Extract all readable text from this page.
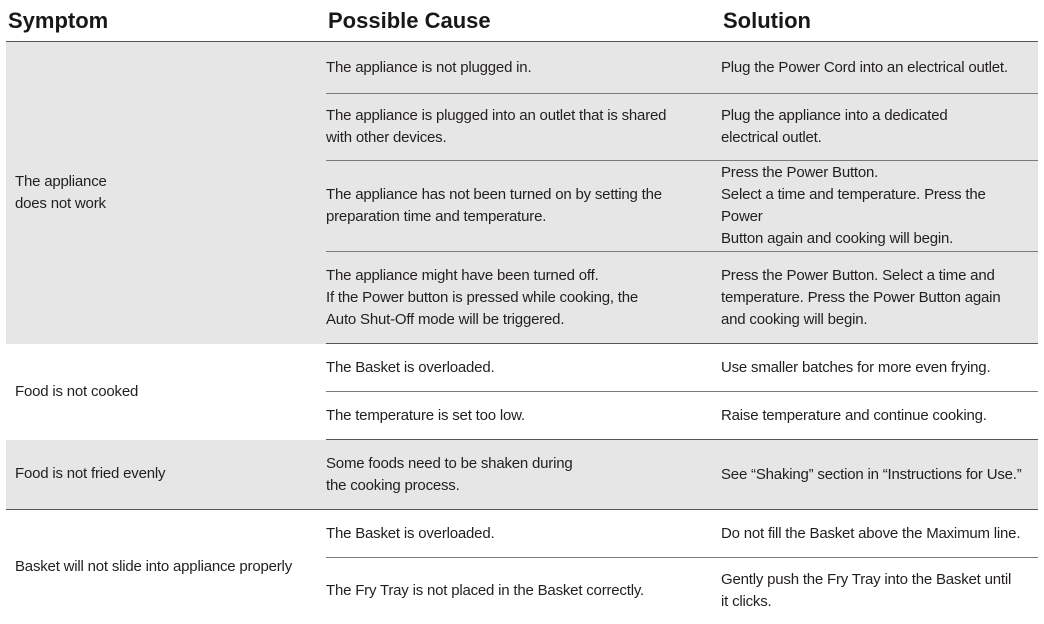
Symptom	Possible Cause	Solution

The appliance
does not work	The appliance is not plugged in.	Plug the Power Cord into an electrical outlet.

	The appliance is plugged into an outlet that is shared
with other devices.	Plug the appliance into a dedicated
electrical outlet.

	The appliance has not been turned on by setting the
preparation time and temperature.	Press the Power Button.
Select a time and temperature. Press the Power
Button again and cooking will begin.

	The appliance might have been turned off.
If the Power button is pressed while cooking, the
Auto Shut-Off mode will be triggered.	Press the Power Button. Select a time and
temperature. Press the Power Button again
and cooking will begin.

Food is not cooked	The Basket is overloaded.	Use smaller batches for more even frying.

	The temperature is set too low.	Raise temperature and continue cooking.

Food is not fried evenly	Some foods need to be shaken during
the cooking process.	See “Shaking” section in “Instructions for Use.”

Basket will not slide into appliance properly	The Basket is overloaded.	Do not fill the Basket above the Maximum line.

	The Fry Tray is not placed in the Basket correctly.	Gently push the Fry Tray into the Basket until
it clicks.
